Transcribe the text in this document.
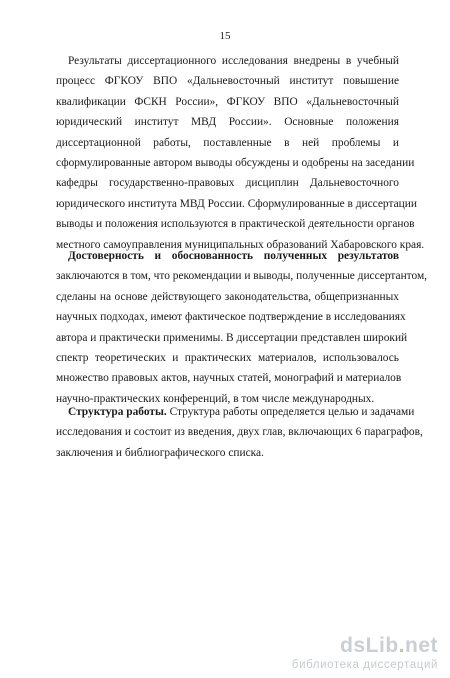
15
Результаты диссертационного исследования внедрены в учебный
процесс ФГКОУ ВПО «Дальневосточный институт повышение
квалификации ФСКН России», ФГКОУ ВПО «Дальневосточный
юридический институт МВД России». Основные положения
диссертационной работы, поставленные в ней проблемы и
сформулированные автором выводы обсуждены и одобрены на заседании
кафедры государственно-правовых дисциплин Дальневосточного
юридического института МВД России. Сформулированные в диссертации
выводы и положения используются в практической деятельности органов
местного самоуправления муниципальных образований Хабаровского края.
Достоверность и обоснованность полученных результатов
заключаются в том, что рекомендации и выводы, полученные диссертантом,
сделаны на основе действующего законодательства, общепризнанных
научных подходах, имеют фактическое подтверждение в исследованиях
автора и практически применимы. В диссертации представлен широкий
спектр теоретических и практических материалов, использовалось
множество правовых актов, научных статей, монографий и материалов
научно-практических конференций, в том числе международных.
Структура работы. Структура работы определяется целью и задачами
исследования и состоит из введения, двух глав, включающих 6 параграфов,
заключения и библиографического списка.
dsLib.net
библиотека диссертаций
